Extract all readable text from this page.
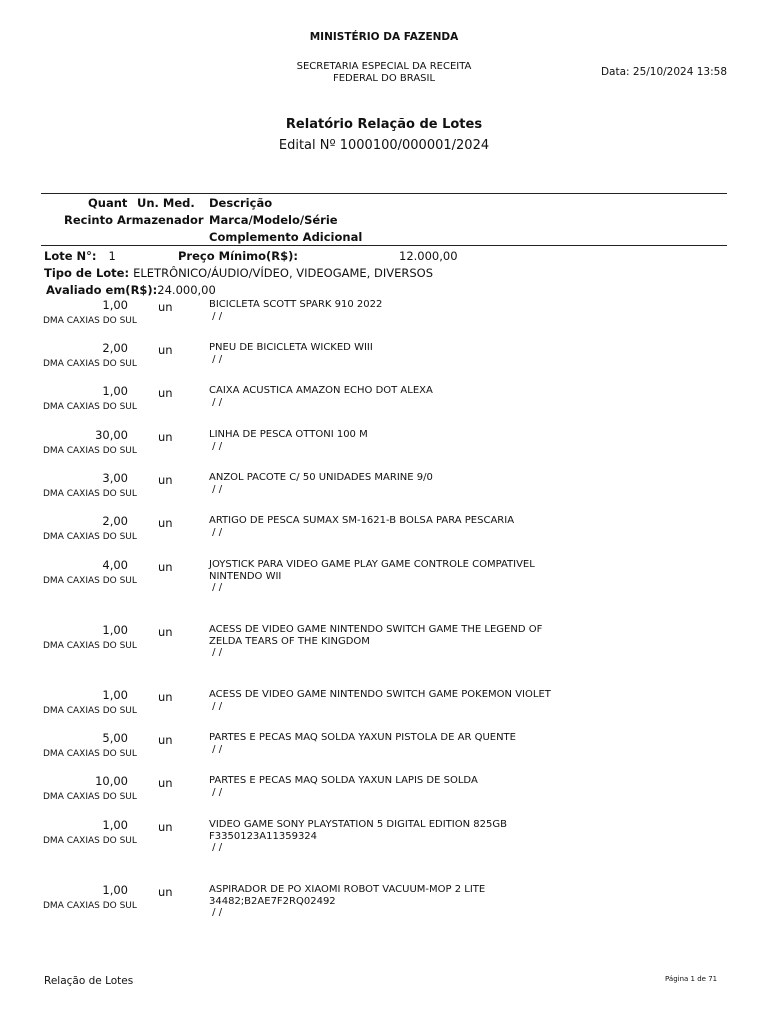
MINISTÉRIO DA FAZENDA
SECRETARIA ESPECIAL DA RECEITA
FEDERAL DO BRASIL
Data: 25/10/2024 13:58
Relatório Relação de Lotes
Edital Nº 1000100/000001/2024
Quant Un. Med. Descrição
Recinto Armazenador Marca/Modelo/Série
Complemento Adicional
Lote N°: 1	Preço Mínimo(R$):	12.000,00
Tipo de Lote: ELETRÔNICO/ÁUDIO/VÍDEO, VIDEOGAME, DIVERSOS
Avaliado em(R$):24.000,00
1,00	un
DMA CAXIAS DO SUL
BICICLETA SCOTT SPARK 910 2022
/ /
2,00	un
DMA CAXIAS DO SUL
PNEU DE BICICLETA WICKED WIII
/ /
1,00	un
DMA CAXIAS DO SUL
CAIXA ACUSTICA AMAZON ECHO DOT ALEXA
/ /
30,00	un
DMA CAXIAS DO SUL
LINHA DE PESCA OTTONI 100 M
/ /
3,00	un
DMA CAXIAS DO SUL
ANZOL PACOTE C/ 50 UNIDADES MARINE 9/0
/ /
2,00	un
DMA CAXIAS DO SUL
ARTIGO DE PESCA SUMAX SM-1621-B BOLSA PARA PESCARIA
/ /
4,00	un
DMA CAXIAS DO SUL
JOYSTICK PARA VIDEO GAME PLAY GAME CONTROLE COMPATIVEL
NINTENDO WII
/ /
1,00	un
DMA CAXIAS DO SUL
ACESS DE VIDEO GAME NINTENDO SWITCH GAME THE LEGEND OF
ZELDA TEARS OF THE KINGDOM
/ /
1,00	un
DMA CAXIAS DO SUL
ACESS DE VIDEO GAME NINTENDO SWITCH GAME POKEMON VIOLET
/ /
5,00	un
DMA CAXIAS DO SUL
PARTES E PECAS MAQ SOLDA YAXUN PISTOLA DE AR QUENTE
/ /
10,00	un
DMA CAXIAS DO SUL
PARTES E PECAS MAQ SOLDA YAXUN LAPIS DE SOLDA
/ /
1,00	un
DMA CAXIAS DO SUL
VIDEO GAME SONY PLAYSTATION 5 DIGITAL EDITION 825GB
F3350123A11359324
/ /
1,00	un
DMA CAXIAS DO SUL
ASPIRADOR DE PO XIAOMI ROBOT VACUUM-MOP 2 LITE
34482;B2AE7F2RQ02492
/ /
Relação de Lotes	Página 1 de 71
